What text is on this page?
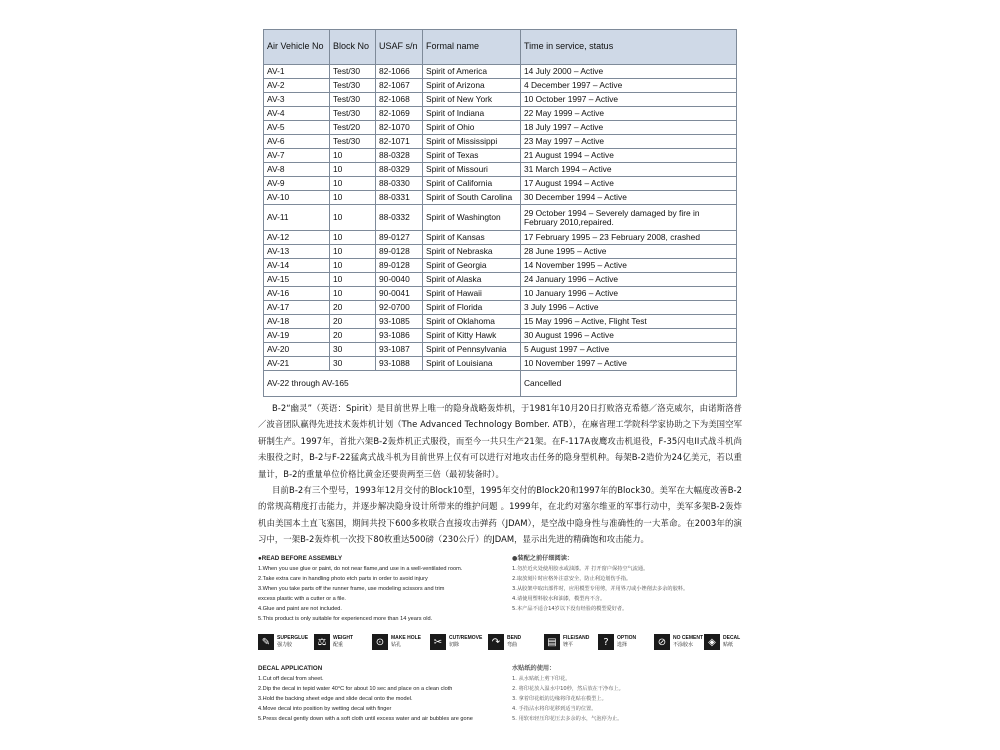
Air Vehicle No	Block No	USAF s/n	Formal name	Time in service, status
AV-1	Test/30	82-1066	Spirit of America	14 July 2000 – Active
AV-2	Test/30	82-1067	Spirit of Arizona	4 December 1997 – Active
AV-3	Test/30	82-1068	Spirit of New York	10 October 1997 – Active
AV-4	Test/30	82-1069	Spirit of Indiana	22 May 1999 – Active
AV-5	Test/20	82-1070	Spirit of Ohio	18 July 1997 – Active
AV-6	Test/30	82-1071	Spirit of Mississippi	23 May 1997 – Active
AV-7	10	88-0328	Spirit of Texas	21 August 1994 – Active
AV-8	10	88-0329	Spirit of Missouri	31 March 1994 – Active
AV-9	10	88-0330	Spirit of California	17 August 1994 – Active
AV-10	10	88-0331	Spirit of South Carolina	30 December 1994 – Active
AV-11	10	88-0332	Spirit of Washington	29 October 1994 – Severely damaged by fire in February 2010,repaired.
AV-12	10	89-0127	Spirit of Kansas	17 February 1995 – 23 February 2008, crashed
AV-13	10	89-0128	Spirit of Nebraska	28 June 1995 – Active
AV-14	10	89-0128	Spirit of Georgia	14 November 1995 – Active
AV-15	10	90-0040	Spirit of Alaska	24 January 1996 – Active
AV-16	10	90-0041	Spirit of Hawaii	10 January 1996 – Active
AV-17	20	92-0700	Spirit of Florida	3 July 1996 – Active
AV-18	20	93-1085	Spirit of Oklahoma	15 May 1996 – Active, Flight Test
AV-19	20	93-1086	Spirit of Kitty Hawk	30 August 1996 – Active
AV-20	30	93-1087	Spirit of Pennsylvania	5 August 1997 – Active
AV-21	30	93-1088	Spirit of Louisiana	10 November 1997 – Active
AV-22 through AV-165				Cancelled

B-2“幽灵”（英语：Spirit）是目前世界上唯一的隐身战略轰炸机，于1981年10月20日打败洛克希德／洛克威尔，由诺斯洛普／波音团队赢得先进技术轰炸机计划（The Advanced Technology Bomber. ATB），在麻省理工学院科学家协助之下为美国空军研制生产。1997年，首批六架B-2轰炸机正式服役，而至今一共只生产21架。在F-117A夜鹰攻击机退役，F-35闪电II式战斗机尚未服役之时，B-2与F-22猛禽式战斗机为目前世界上仅有可以进行对地攻击任务的隐身型机种。每架B-2造价为24亿美元，若以重量计，B-2的重量单位价格比黄金还要贵两至三倍（最初装备时）。

目前B-2有三个型号，1993年12月交付的Block10型，1995年交付的Block20和1997年的Block30。美军在大幅度改善B-2的常规高精度打击能力，并逐步解决隐身设计所带来的维护问题 。1999年，在北约对塞尔维亚的军事行动中，美军多架B-2轰炸机由美国本土直飞塞国，期间共投下600多枚联合直接攻击弹药（JDAM），是空战中隐身性与准确性的一大革命。在2003年的演习中，一架B-2轰炸机一次投下80枚重达500磅（230公斤）的JDAM，显示出先进的精确饱和攻击能力。

●READ BEFORE ASSEMBLY
1.When you use glue or paint, do not near flame,and use in a well-ventilated room.
2.Take extra care in handling photo etch parts in order to avoid injury
3.When you take parts off the runner frame, use modeling scissors and trim
excess plastic with a cutter or a file.
4.Glue and paint are not included.
5.This product is only suitable for experienced more than 14 years old.
●装配之前仔细阅读：
1.勿於近火处使用胶水或油漆。并 打开窗户保持空气流通。
2.取放刻片时应格外注意安全，防止利边划伤手指。
3.从胶架中取出部件时，应用模型专用剪，并用界刀或小锉削去多余的胶料。
4.请使用塑料胶水和油漆，模型内不含。
5.本产品不适合14岁以下没有经验的模型爱好者。
✎	SUPERGLUE
强力胶	⚖	WEIGHT
配重	⊙	MAKE HOLE
钻孔	✂	CUT/REMOVE
切除	↷	BEND
弯曲	▤	FILE/SAND
锉平	?	OPTION
选择	⊘	NO CEMENT
不涂胶水	◈	DECAL
贴纸
DECAL APPLICATION
1.Cut off decal from sheet.
2.Dip the decal in tepid water 40°C for about 10 sec and place on a clean cloth
3.Hold the backing sheet edge and slide decal onto the model.
4.Move decal into position by wetting decal with finger
5.Press decal gently down with a soft cloth until excess water and air bubbles are gone
水贴纸的使用：
1. 从水贴纸上剪下印花。
2. 将印花放入温水中10秒，然后放在干净布上。
3. 拿着印花纸的边缘将印花贴在模型上。
4. 手指沾水将印花移到适当的位置。
5. 用软布轻压印花压去多余的水，气泡停为止。
